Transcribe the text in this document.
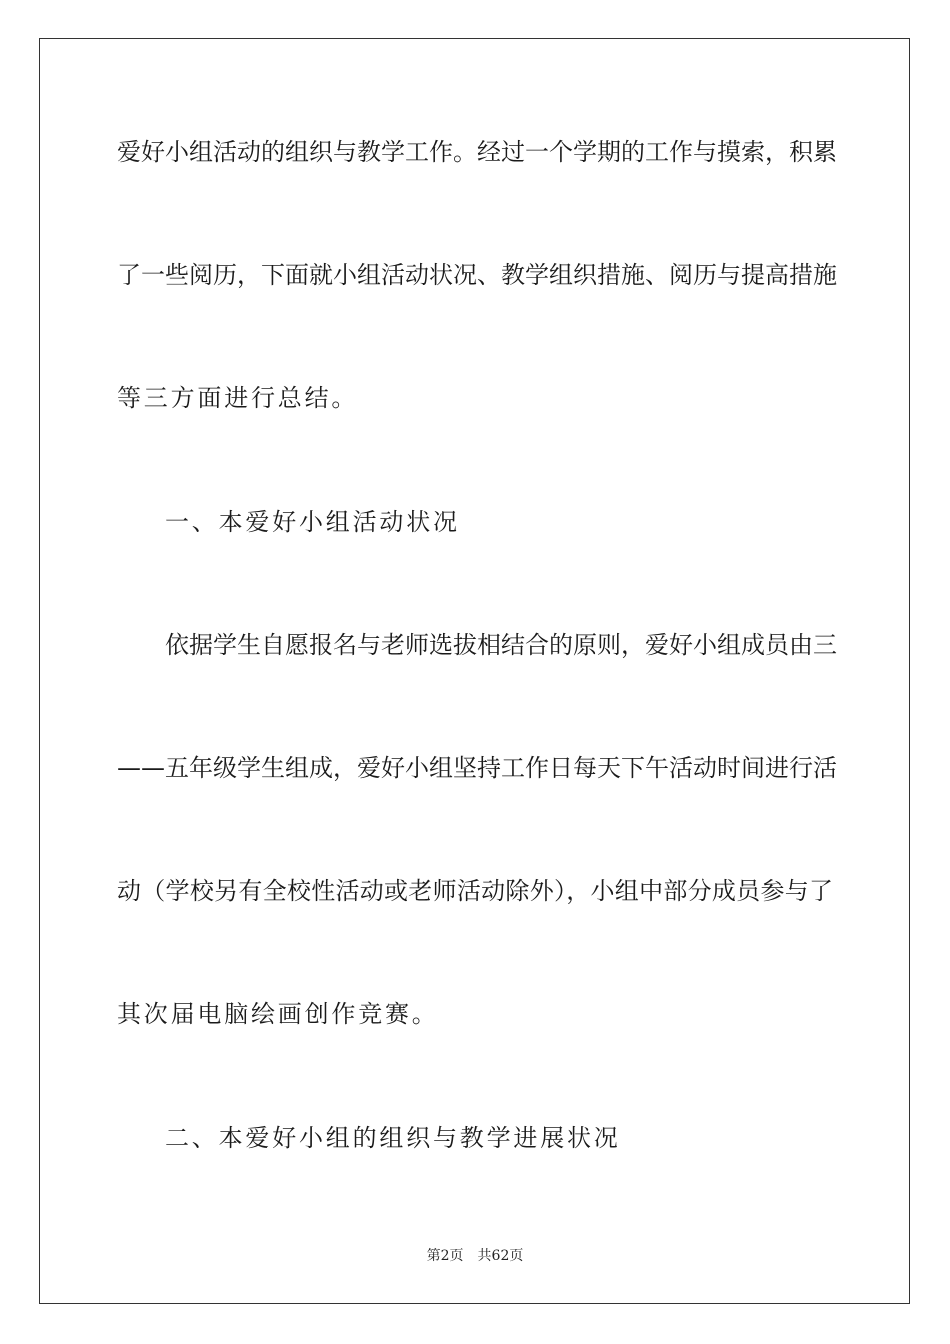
爱好小组活动的组织与教学工作。经过一个学期的工作与摸索，积累
了一些阅历，下面就小组活动状况、教学组织措施、阅历与提高措施
等三方面进行总结。
一、本爱好小组活动状况
依据学生自愿报名与老师选拔相结合的原则，爱好小组成员由三
——五年级学生组成，爱好小组坚持工作日每天下午活动时间进行活
动（学校另有全校性活动或老师活动除外），小组中部分成员参与了
其次届电脑绘画创作竞赛。
二、本爱好小组的组织与教学进展状况
第2页 共62页
